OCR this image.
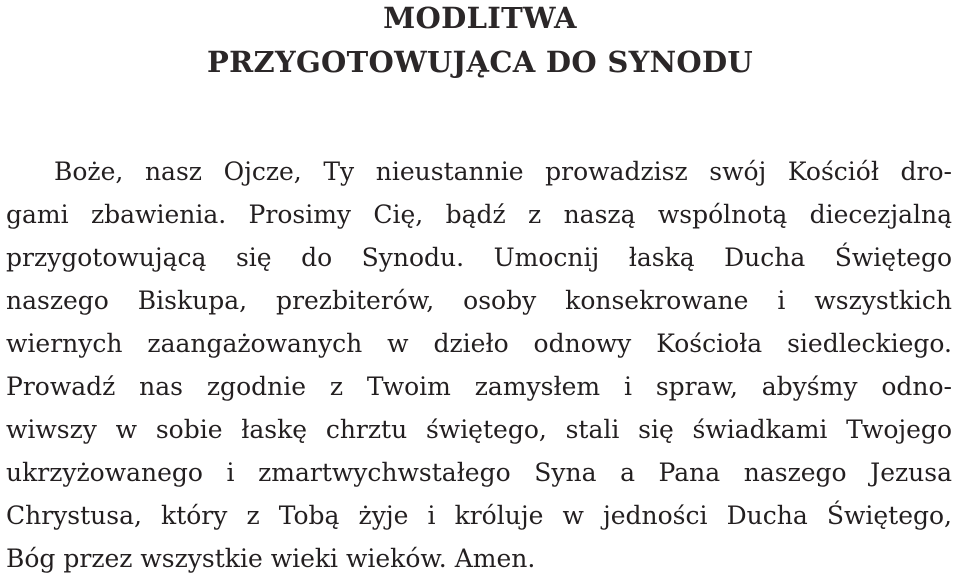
MODLITWA
PRZYGOTOWUJĄCA DO SYNODU
Boże, nasz Ojcze, Ty nieustannie prowadzisz swój Kościół dro-
gami zbawienia. Prosimy Cię, bądź z naszą wspólnotą diecezjalną
przygotowującą się do Synodu. Umocnij łaską Ducha Świętego
naszego Biskupa, prezbiterów, osoby konsekrowane i wszystkich
wiernych zaangażowanych w dzieło odnowy Kościoła siedleckiego.
Prowadź nas zgodnie z Twoim zamysłem i spraw, abyśmy odno-
wiwszy w sobie łaskę chrztu świętego, stali się świadkami Twojego
ukrzyżowanego i zmartwychwstałego Syna a Pana naszego Jezusa
Chrystusa, który z Tobą żyje i króluje w jedności Ducha Świętego,
Bóg przez wszystkie wieki wieków. Amen.
